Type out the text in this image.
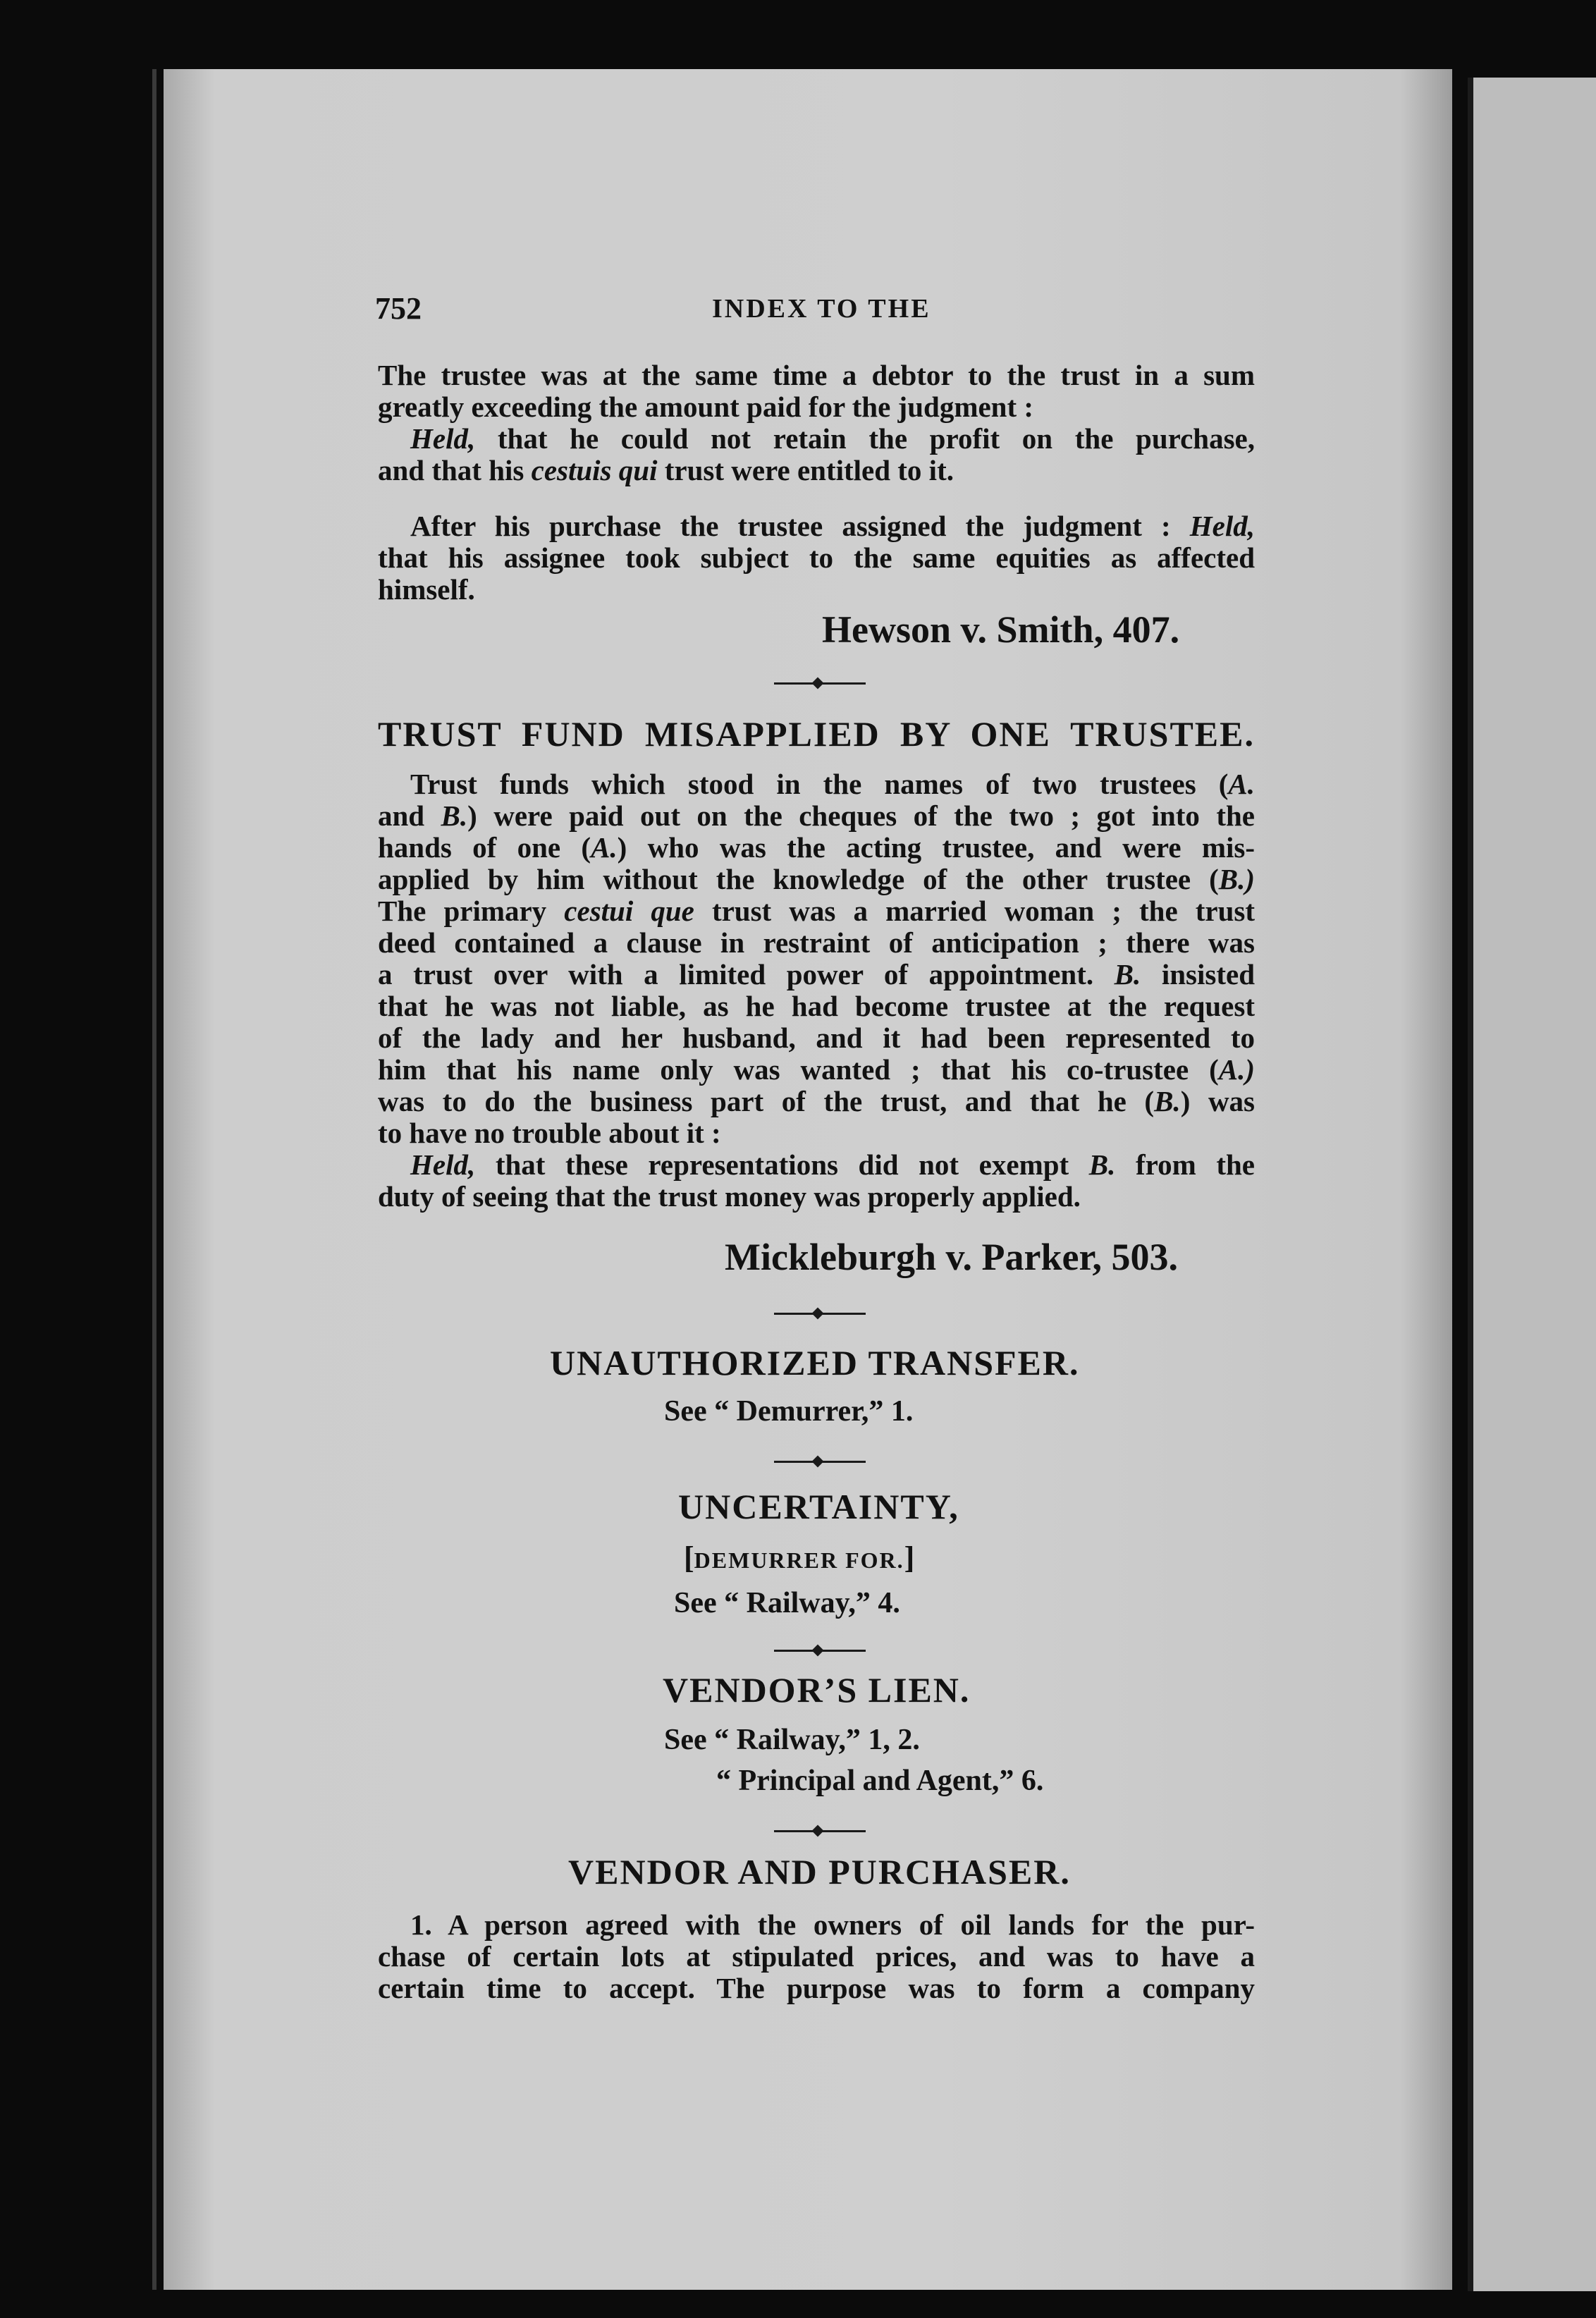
752	INDEX TO THE
The trustee was at the same time a debtor to the trust in a sum
greatly exceeding the amount paid for the judgment :
Held, that he could not retain the profit on the purchase,
and that his cestuis qui trust were entitled to it.
After his purchase the trustee assigned the judgment : Held,
that his assignee took subject to the same equities as affected
himself.
Hewson v. Smith, 407.
TRUST FUND MISAPPLIED BY ONE TRUSTEE.
Trust funds which stood in the names of two trustees (A.
and B.) were paid out on the cheques of the two ; got into the
hands of one (A.) who was the acting trustee, and were mis-
applied by him without the knowledge of the other trustee (B.)
The primary cestui que trust was a married woman ; the trust
deed contained a clause in restraint of anticipation ; there was
a trust over with a limited power of appointment. B. insisted
that he was not liable, as he had become trustee at the request
of the lady and her husband, and it had been represented to
him that his name only was wanted ; that his co-trustee (A.)
was to do the business part of the trust, and that he (B.) was
to have no trouble about it :
Held, that these representations did not exempt B. from the
duty of seeing that the trust money was properly applied.
Mickleburgh v. Parker, 503.
UNAUTHORIZED TRANSFER.
See “ Demurrer,” 1.
UNCERTAINTY,
[DEMURRER FOR.]
See “ Railway,” 4.
VENDOR’S LIEN.
See “ Railway,” 1, 2.
“ Principal and Agent,” 6.
VENDOR AND PURCHASER.
1. A person agreed with the owners of oil lands for the pur-
chase of certain lots at stipulated prices, and was to have a
certain time to accept. The purpose was to form a company
